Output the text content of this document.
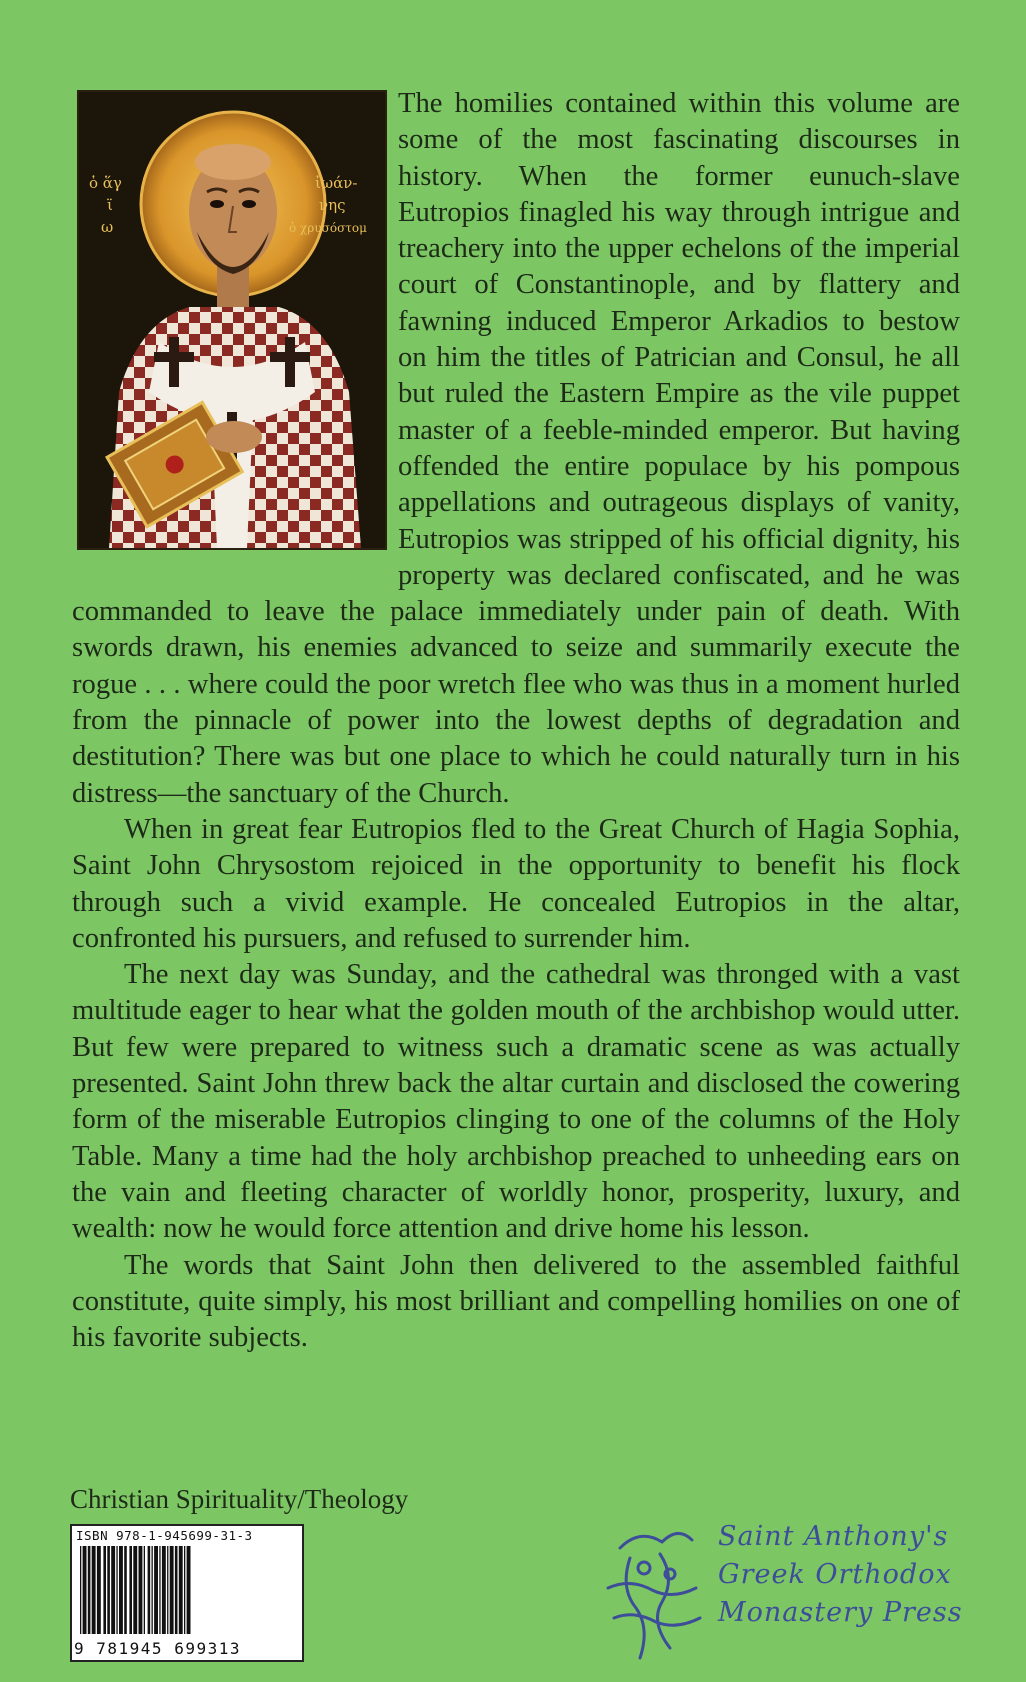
ὁ ἅγ
ϊ
ω
ἰωάν-
νης
ὁ χρυσόστομ

The homilies contained within this volume are some of the most fascinating discourses in history. When the former eunuch-slave Eutropios finagled his way through intrigue and treachery into the upper echelons of the imperial court of Constantinople, and by flattery and fawning induced Emperor Arkadios to bestow on him the titles of Patrician and Consul, he all but ruled the Eastern Empire as the vile puppet master of a feeble-minded emperor. But having offended the entire populace by his pompous appellations and outrageous displays of vanity, Eutropios was stripped of his official dignity, his property was declared confiscated, and he was commanded to leave the palace immediately under pain of death. With swords drawn, his enemies advanced to seize and summarily execute the rogue . . . where could the poor wretch flee who was thus in a moment hurled from the pinnacle of power into the lowest depths of degradation and destitution? There was but one place to which he could naturally turn in his distress—the sanctuary of the Church.

When in great fear Eutropios fled to the Great Church of Hagia Sophia, Saint John Chrysostom rejoiced in the opportunity to benefit his flock through such a vivid example. He concealed Eutropios in the altar, confronted his pursuers, and refused to surrender him.

The next day was Sunday, and the cathedral was thronged with a vast multitude eager to hear what the golden mouth of the archbishop would utter. But few were prepared to witness such a dramatic scene as was actually presented. Saint John threw back the altar curtain and disclosed the cowering form of the miserable Eutropios clinging to one of the columns of the Holy Table. Many a time had the holy archbishop preached to unheeding ears on the vain and fleeting character of worldly honor, prosperity, luxury, and wealth: now he would force attention and drive home his lesson.

The words that Saint John then delivered to the assembled faithful constitute, quite simply, his most brilliant and compelling homilies on one of his favorite subjects.

Christian Spirituality/Theology
ISBN 978-1-945699-31-3
9 781945 699313
Saint Anthony's
Greek Orthodox
Monastery Press
